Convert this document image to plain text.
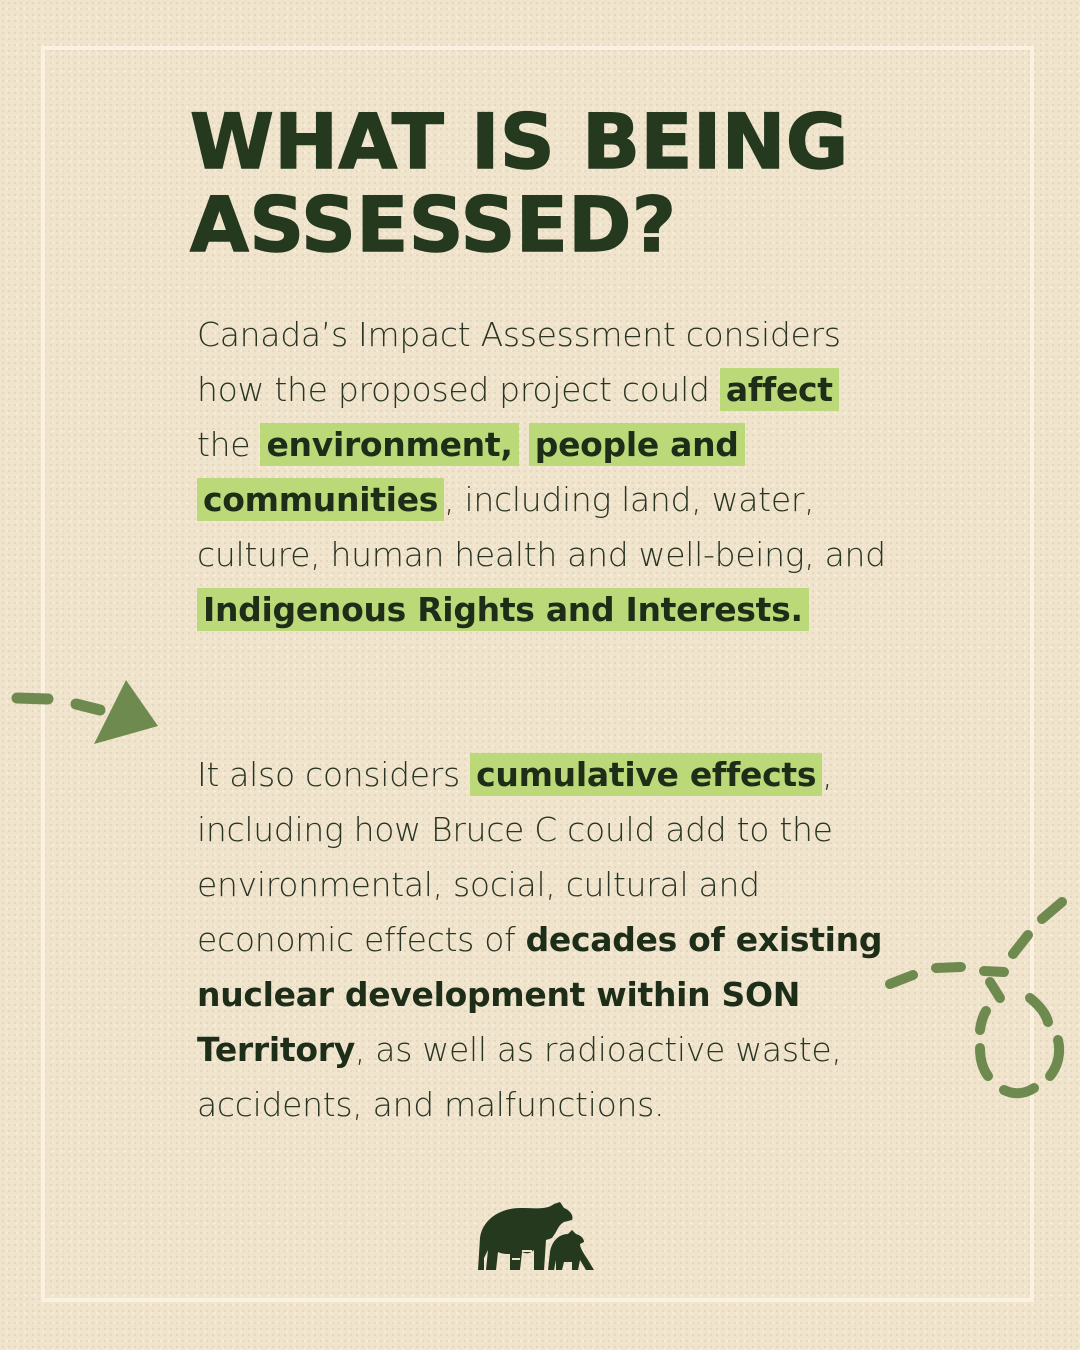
WHAT IS BEING
ASSESSED?

Canada’s Impact Assessment considers how the proposed project could affect the environment, people and communities , including land, water, culture, human health and well-being, and Indigenous Rights and Interests.

It also considers cumulative effects , including how Bruce C could add to the environmental, social, cultural and economic effects of decades of existing nuclear development within SON Territory, as well as radioactive waste, accidents, and malfunctions.
